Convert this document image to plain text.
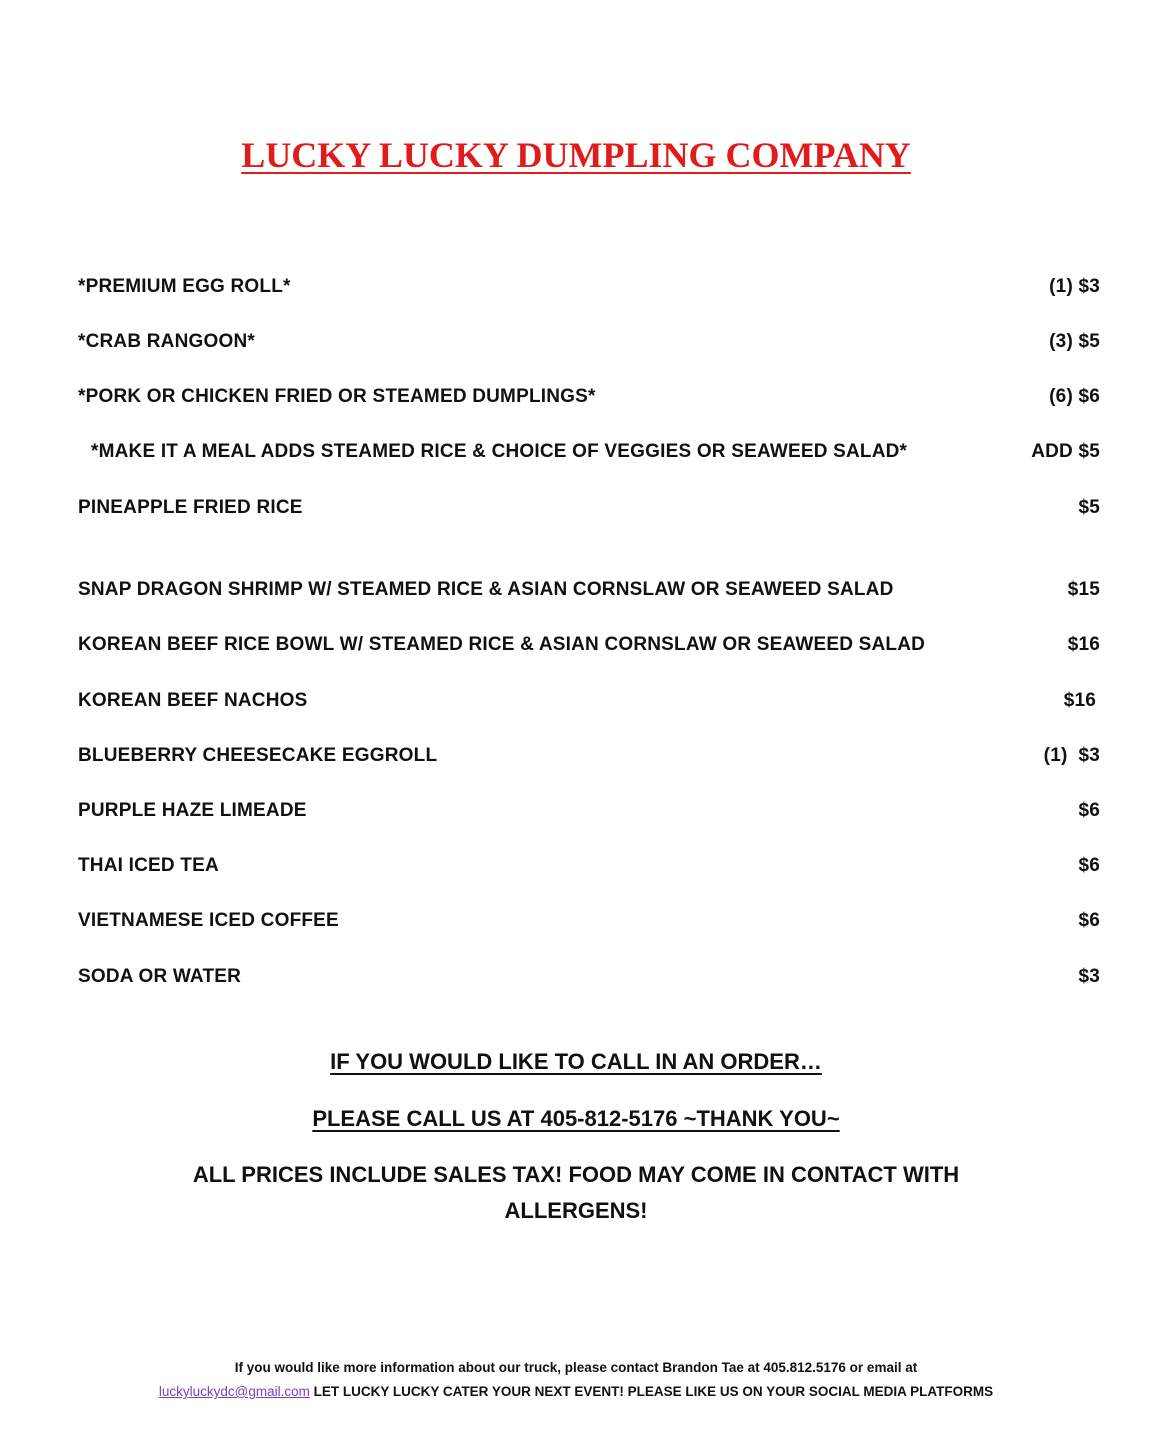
LUCKY LUCKY DUMPLING COMPANY
*PREMIUM EGG ROLL*	(1) $3
*CRAB RANGOON*	(3) $5
*PORK OR CHICKEN FRIED OR STEAMED DUMPLINGS*	(6) $6
*MAKE IT A MEAL ADDS STEAMED RICE & CHOICE OF VEGGIES OR SEAWEED SALAD*	ADD $5
PINEAPPLE FRIED RICE	$5
SNAP DRAGON SHRIMP W/ STEAMED RICE & ASIAN CORNSLAW OR SEAWEED SALAD	$15
KOREAN BEEF RICE BOWL W/ STEAMED RICE & ASIAN CORNSLAW OR SEAWEED SALAD	$16
KOREAN BEEF NACHOS	$16
BLUEBERRY CHEESECAKE EGGROLL	(1)  $3
PURPLE HAZE LIMEADE	$6
THAI ICED TEA	$6
VIETNAMESE ICED COFFEE	$6
SODA OR WATER	$3
IF YOU WOULD LIKE TO CALL IN AN ORDER…
PLEASE CALL US AT 405-812-5176 ~THANK YOU~
ALL PRICES INCLUDE SALES TAX! FOOD MAY COME IN CONTACT WITH ALLERGENS!
If you would like more information about our truck, please contact Brandon Tae at 405.812.5176 or email at
luckyluckydc@gmail.com LET LUCKY LUCKY CATER YOUR NEXT EVENT! PLEASE LIKE US ON YOUR SOCIAL MEDIA PLATFORMS
